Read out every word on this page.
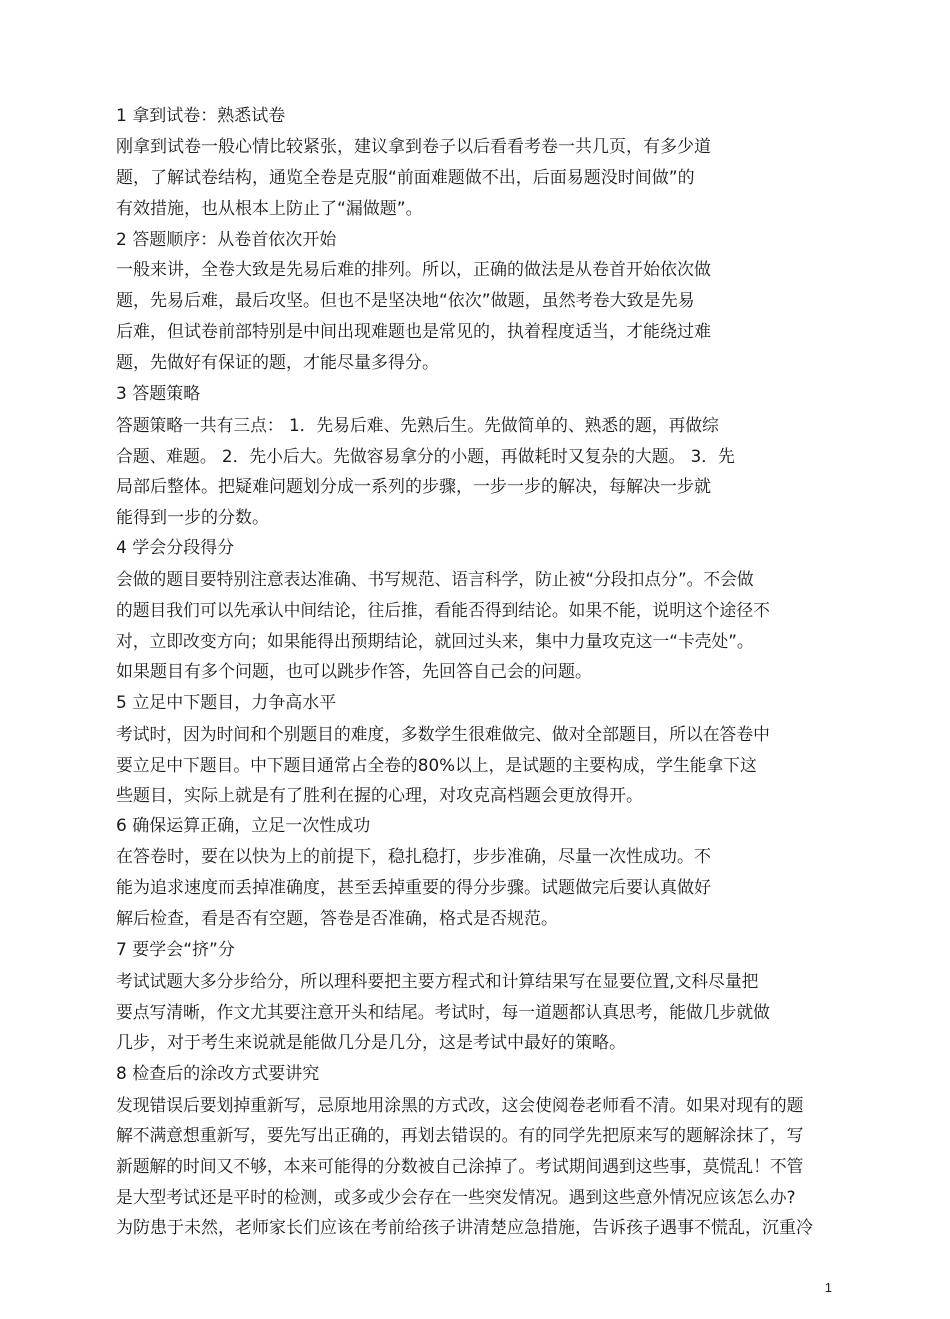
1 拿到试卷：熟悉试卷
刚拿到试卷一般心情比较紧张，建议拿到卷子以后看看考卷一共几页，有多少道
题，了解试卷结构，通览全卷是克服“前面难题做不出，后面易题没时间做”的
有效措施，也从根本上防止了“漏做题”。
2 答题顺序：从卷首依次开始
一般来讲，全卷大致是先易后难的排列。所以，正确的做法是从卷首开始依次做
题，先易后难，最后攻坚。但也不是坚决地“依次”做题，虽然考卷大致是先易
后难，但试卷前部特别是中间出现难题也是常见的，执着程度适当，才能绕过难
题，先做好有保证的题，才能尽量多得分。
3 答题策略
答题策略一共有三点： 1．先易后难、先熟后生。先做简单的、熟悉的题，再做综
合题、难题。 2．先小后大。先做容易拿分的小题，再做耗时又复杂的大题。 3．先
局部后整体。把疑难问题划分成一系列的步骤，一步一步的解决，每解决一步就
能得到一步的分数。
4 学会分段得分
会做的题目要特别注意表达准确、书写规范、语言科学，防止被“分段扣点分”。不会做
的题目我们可以先承认中间结论，往后推，看能否得到结论。如果不能，说明这个途径不
对，立即改变方向；如果能得出预期结论，就回过头来，集中力量攻克这一“卡壳处”。
如果题目有多个问题，也可以跳步作答，先回答自己会的问题。
5 立足中下题目，力争高水平
考试时，因为时间和个别题目的难度，多数学生很难做完、做对全部题目，所以在答卷中
要立足中下题目。中下题目通常占全卷的80%以上，是试题的主要构成，学生能拿下这
些题目，实际上就是有了胜利在握的心理，对攻克高档题会更放得开。
6 确保运算正确，立足一次性成功
在答卷时，要在以快为上的前提下，稳扎稳打，步步准确，尽量一次性成功。不
能为追求速度而丢掉准确度，甚至丢掉重要的得分步骤。试题做完后要认真做好
解后检查，看是否有空题，答卷是否准确，格式是否规范。
7 要学会“挤”分
考试试题大多分步给分，所以理科要把主要方程式和计算结果写在显要位置,文科尽量把
要点写清晰，作文尤其要注意开头和结尾。考试时，每一道题都认真思考，能做几步就做
几步，对于考生来说就是能做几分是几分，这是考试中最好的策略。
8 检查后的涂改方式要讲究
发现错误后要划掉重新写，忌原地用涂黑的方式改，这会使阅卷老师看不清。如果对现有的题
解不满意想重新写，要先写出正确的，再划去错误的。有的同学先把原来写的题解涂抹了，写
新题解的时间又不够，本来可能得的分数被自己涂掉了。考试期间遇到这些事，莫慌乱！不管
是大型考试还是平时的检测，或多或少会存在一些突发情况。遇到这些意外情况应该怎么办?
为防患于未然，老师家长们应该在考前给孩子讲清楚应急措施，告诉孩子遇事不慌乱，沉重冷
1
